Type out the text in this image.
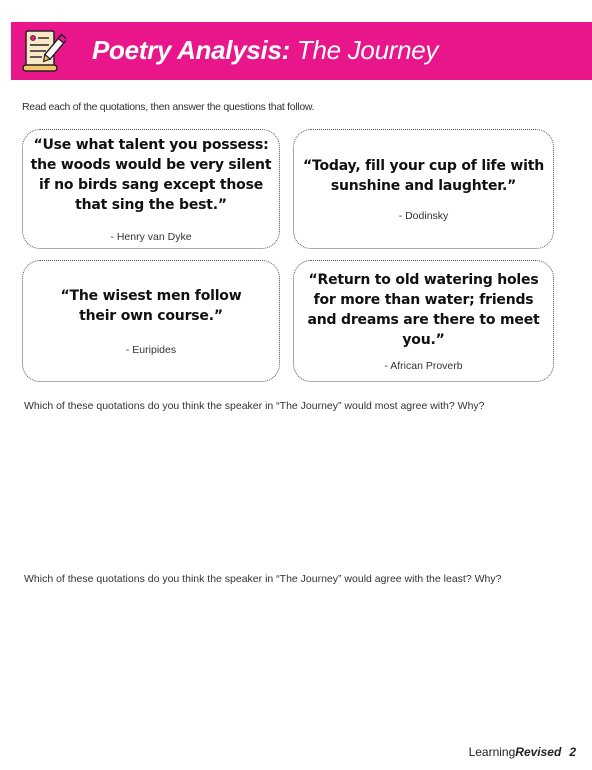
Poetry Analysis: The Journey
Read each of the quotations, then answer the questions that follow.
“Use what talent you possess: the woods would be very silent if no birds sang except those that sing the best.”
- Henry van Dyke
“Today, fill your cup of life with sunshine and laughter.”
- Dodinsky
“The wisest men follow their own course.”
- Euripides
“Return to old watering holes for more than water; friends and dreams are there to meet you.”
- African Proverb
Which of these quotations do you think the speaker in “The Journey” would most agree with? Why?
Which of these quotations do you think the speaker in “The Journey” would agree with the least? Why?
LearningRevised 2
